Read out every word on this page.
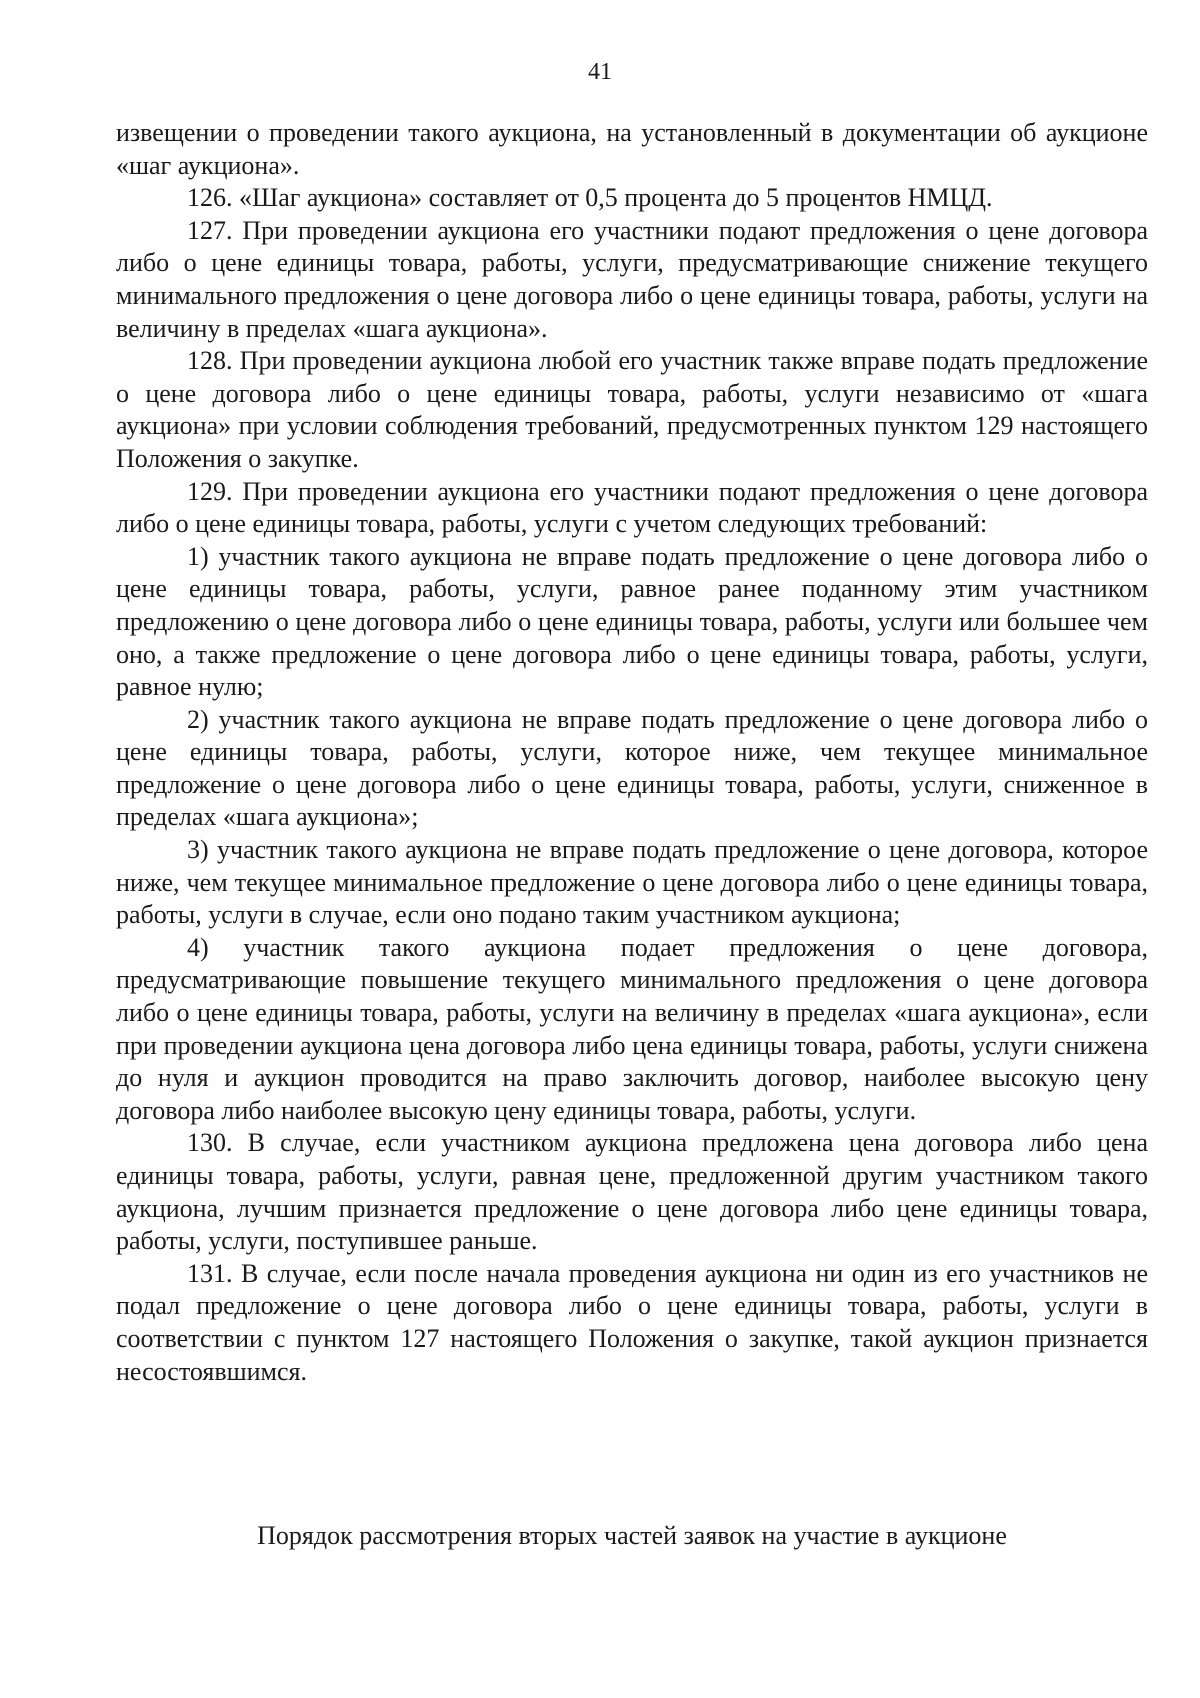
41

извещении о проведении такого аукциона, на установленный в документации об аукционе «шаг аукциона».

126. «Шаг аукциона» составляет от 0,5 процента до 5 процентов НМЦД.

127. При проведении аукциона его участники подают предложения о цене договора либо о цене единицы товара, работы, услуги, предусматривающие снижение текущего минимального предложения о цене договора либо о цене единицы товара, работы, услуги на величину в пределах «шага аукциона».

128. При проведении аукциона любой его участник также вправе подать предложение о цене договора либо о цене единицы товара, работы, услуги независимо от «шага аукциона» при условии соблюдения требований, предусмотренных пунктом 129 настоящего Положения о закупке.

129. При проведении аукциона его участники подают предложения о цене договора либо о цене единицы товара, работы, услуги с учетом следующих требований:

1) участник такого аукциона не вправе подать предложение о цене договора либо о цене единицы товара, работы, услуги, равное ранее поданному этим участником предложению о цене договора либо о цене единицы товара, работы, услуги или большее чем оно, а также предложение о цене договора либо о цене единицы товара, работы, услуги, равное нулю;

2) участник такого аукциона не вправе подать предложение о цене договора либо о цене единицы товара, работы, услуги, которое ниже, чем текущее минимальное предложение о цене договора либо о цене единицы товара, работы, услуги, сниженное в пределах «шага аукциона»;

3) участник такого аукциона не вправе подать предложение о цене договора, которое ниже, чем текущее минимальное предложение о цене договора либо о цене единицы товара, работы, услуги в случае, если оно подано таким участником аукциона;

4) участник такого аукциона подает предложения о цене договора, предусматривающие повышение текущего минимального предложения о цене договора либо о цене единицы товара, работы, услуги на величину в пределах «шага аукциона», если при проведении аукциона цена договора либо цена единицы товара, работы, услуги снижена до нуля и аукцион проводится на право заключить договор, наиболее высокую цену договора либо наиболее высокую цену единицы товара, работы, услуги.

130. В случае, если участником аукциона предложена цена договора либо цена единицы товара, работы, услуги, равная цене, предложенной другим участником такого аукциона, лучшим признается предложение о цене договора либо цене единицы товара, работы, услуги, поступившее раньше.

131. В случае, если после начала проведения аукциона ни один из его участников не подал предложение о цене договора либо о цене единицы товара, работы, услуги в соответствии с пунктом 127 настоящего Положения о закупке, такой аукцион признается несостоявшимся.

Порядок рассмотрения вторых частей заявок на участие в аукционе
